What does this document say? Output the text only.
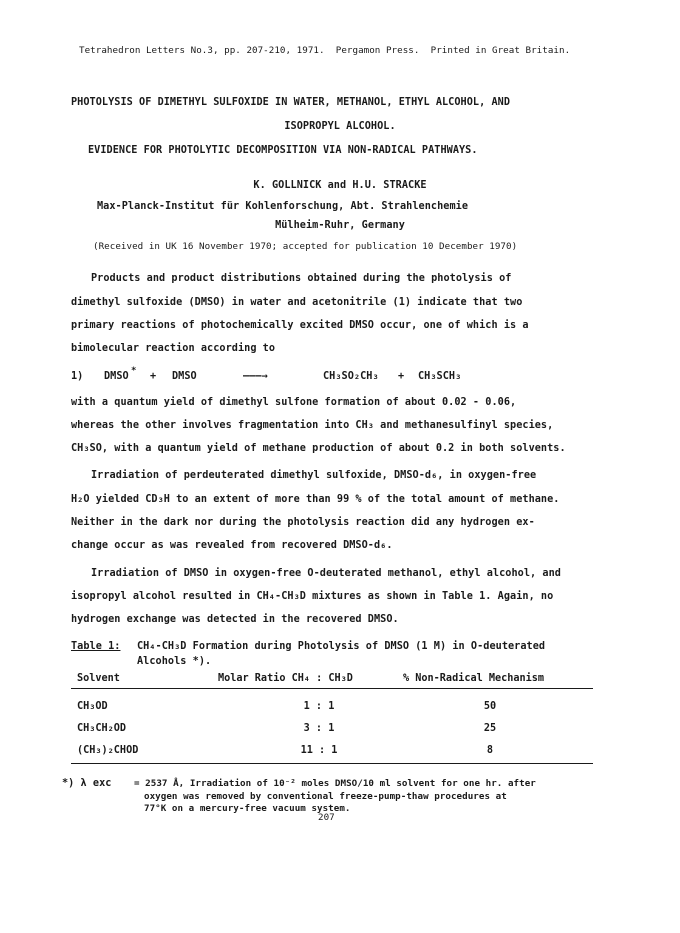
Tetrahedron Letters No.3, pp. 207-210, 1971.  Pergamon Press.  Printed in Great Britain.
PHOTOLYSIS OF DIMETHYL SULFOXIDE IN WATER, METHANOL, ETHYL ALCOHOL, AND
ISOPROPYL ALCOHOL.
EVIDENCE FOR PHOTOLYTIC DECOMPOSITION VIA NON-RADICAL PATHWAYS.
K. GOLLNICK and H.U. STRACKE
Max-Planck-Institut für Kohlenforschung, Abt. Strahlenchemie
Mülheim-Ruhr, Germany
(Received in UK 16 November 1970; accepted for publication 10 December 1970)
Products and product distributions obtained during the photolysis of
dimethyl sulfoxide (DMSO) in water and acetonitrile (1) indicate that two
primary reactions of photochemically excited DMSO occur, one of which is a
bimolecular reaction according to
1) DMSO * + DMSO	———→	CH₃SO₂CH₃ + CH₃SCH₃
with a quantum yield of dimethyl sulfone formation of about 0.02 - 0.06,
whereas the other involves fragmentation into CH₃ and methanesulfinyl species,
CH₃SO, with a quantum yield of methane production of about 0.2 in both solvents.
Irradiation of perdeuterated dimethyl sulfoxide, DMSO-d₆, in oxygen-free
H₂O yielded CD₃H to an extent of more than 99 % of the total amount of methane.
Neither in the dark nor during the photolysis reaction did any hydrogen ex-
change occur as was revealed from recovered DMSO-d₆.
Irradiation of DMSO in oxygen-free O-deuterated methanol, ethyl alcohol, and
isopropyl alcohol resulted in CH₄-CH₃D mixtures as shown in Table 1. Again, no
hydrogen exchange was detected in the recovered DMSO.
Table 1: CH₄-CH₃D Formation during Photolysis of DMSO (1 M) in O-deuterated
Alcohols *).
Solvent	Molar Ratio CH₄ : CH₃D	% Non-Radical Mechanism
CH₃OD	1 : 1	50
CH₃CH₂OD	3 : 1	25
(CH₃)₂CHOD	11 : 1	8
*) λ exc = 2537 Å, Irradiation of 10⁻² moles DMSO/10 ml solvent for one hr. after
oxygen was removed by conventional freeze-pump-thaw procedures at
77°K on a mercury-free vacuum system.
207
